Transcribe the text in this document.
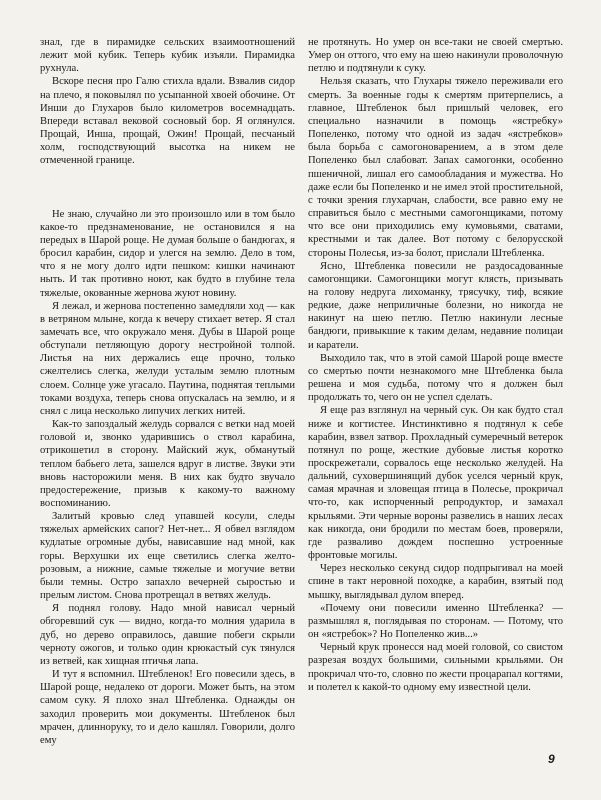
знал, где в пирамидке сельских взаимоотношений лежит мой кубик. Теперь кубик изъяли. Пирамидка рухнула.

Вскоре песня про Галю стихла вдали. Взвалив сидор на плечо, я поковылял по усыпанной хвоей обочине. От Инши до Глухаров было километров восемнадцать. Впереди вставал вековой сосновый бор. Я оглянулся. Прощай, Инша, прощай, Ожин! Прощай, песчаный холм, господствующий высотка на никем не отмеченной границе.

Не знаю, случайно ли это произошло или в том было какое-то предзнаменование, не остановился я на передых в Шарой роще. Не думая больше о бандюгах, я бросил карабин, сидор и улегся на землю. Дело в том, что я не могу долго идти пешком: кишки начинают ныть. И так противно ноют, как будто в глубине тела тяжелые, окованные жернова жуют новину.

Я лежал, и жернова постепенно замедляли ход — как в ветряном млыне, когда к вечеру стихает ветер. Я стал замечать все, что окружало меня. Дубы в Шарой роще обступали петляющую дорогу нестройной толпой. Листья на них держались еще прочно, только сжелтелись слегка, желуди усталым землю плотным слоем. Солнце уже угасало. Паутина, поднятая теплыми токами воздуха, теперь снова опускалась на землю, и я снял с лица несколько липучих легких нитей.

Как-то запоздалый желудь сорвался с ветки над моей головой и, звонко ударившись о ствол карабина, отрикошетил в сторону. Майский жук, обманутый теплом бабьего лета, зашелся вдруг в листве. Звуки эти вновь насторожили меня. В них как будто звучало предостережение, призыв к какому-то важному воспоминанию.

Залитый кровью след упавшей косули, следы тяжелых армейских сапог? Нет-нет... Я обвел взглядом кудлатые огромные дубы, нависавшие над мной, как горы. Верхушки их еще светились слегка желто-розовым, а нижние, самые тяжелые и могучие ветви были темны. Остро запахло вечерней сыростью и прелым листом. Снова протрещал в ветвях желудь.

Я поднял голову. Надо мной нависал черный обгоревший сук — видно, когда-то молния ударила в дуб, но дерево оправилось, давшие побеги скрыли черноту ожогов, и только один крюкастый сук тянулся из ветвей, как хищная птичья лапа.

И тут я вспомнил. Штебленок! Его повесили здесь, в Шарой роще, недалеко от дороги. Может быть, на этом самом суку. Я плохо знал Штебленка. Однажды он заходил проверить мои документы. Штебленок был мрачен, длинноруку, то и дело кашлял. Говорили, долго ему

не протянуть. Но умер он все-таки не своей смертью. Умер он оттого, что ему на шею накинули проволочную петлю и подтянули к суку.

Нельзя сказать, что Глухары тяжело переживали его смерть. За военные годы к смертям притерпелись, а главное, Штебленок был пришлый человек, его специально назначили в помощь «ястребку» Попеленко, потому что одной из задач «ястребков» была борьба с самогоноварением, а в этом деле Попеленко был слабоват. Запах самогонки, особенно пшеничной, лишал его самообладания и мужества. Но даже если бы Попеленко и не имел этой простительной, с точки зрения глухарчан, слабости, все равно ему не справиться было с местными самогонщиками, потому что все они приходились ему кумовьями, сватами, крестными и так далее. Вот потому с белорусской стороны Полесья, из-за болот, прислали Штебленка.

Ясно, Штебленка повесили не раздосадованные самогонщики. Самогонщики могут клясть, призывать на голову недруга лихоманку, трясучку, тиф, всякие редкие, даже неприличные болезни, но никогда не накинут на шею петлю. Петлю накинули лесные бандюги, привыкшие к таким делам, недавние полицаи и каратели.

Выходило так, что в этой самой Шарой роще вместе со смертью почти незнакомого мне Штебленка была решена и моя судьба, потому что я должен был продолжать то, чего он не успел сделать.

Я еще раз взглянул на черный сук. Он как будто стал ниже и когтистее. Инстинктивно я подтянул к себе карабин, взвел затвор. Прохладный сумеречный ветерок потянул по роще, жесткие дубовые листья коротко проскрежетали, сорвалось еще несколько желудей. На дальний, суховершинящий дубок уселся черный крук, самая мрачная и зловещая птица в Полесье, прокричал что-то, как испорченный репродуктор, и замахал крыльями. Эти черные вороны развелись в наших лесах как никогда, они бродили по местам боев, проверяли, где разваливо дождем поспешно устроенные фронтовые могилы.

Через несколько секунд сидор подпрыгивал на моей спине в такт неровной походке, а карабин, взятый под мышку, выглядывал дулом вперед.

«Почему они повесили именно Штебленка? — размышлял я, поглядывая по сторонам. — Потому, что он «ястребок»? Но Попеленко жив...»

Черный крук пронесся над моей головой, со свистом разрезая воздух большими, сильными крыльями. Он прокричал что-то, словно по жести процарапал когтями, и полетел к какой-то одному ему известной цели.

9
